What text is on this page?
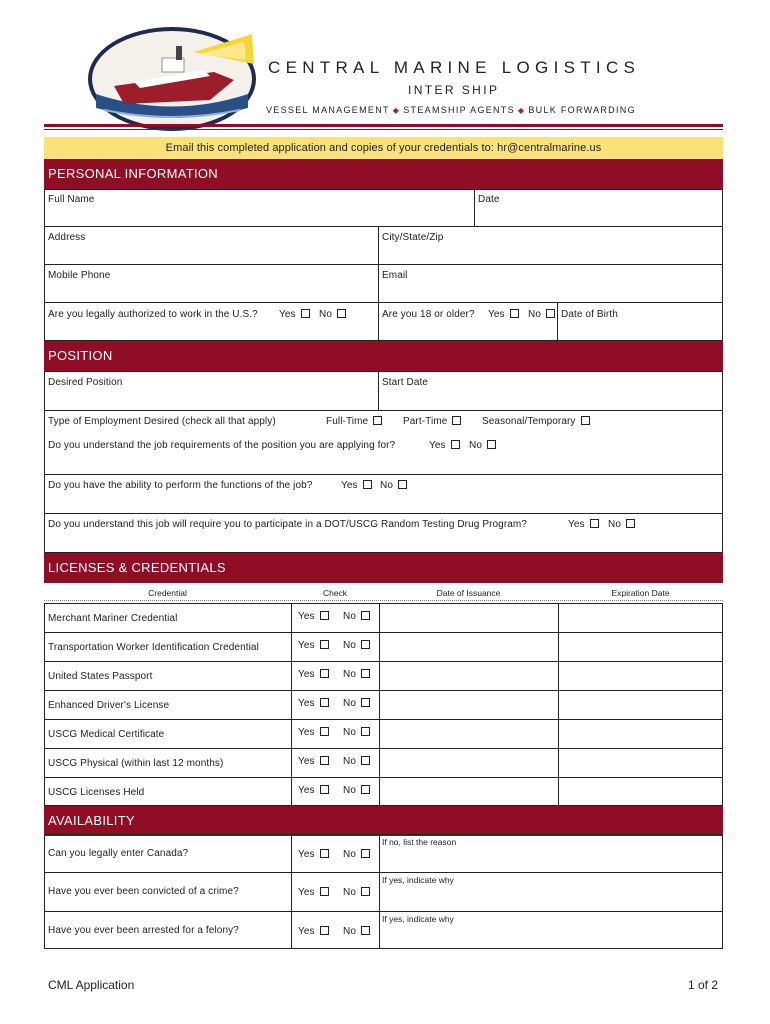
CENTRAL MARINE LOGISTICS
INTER SHIP
VESSEL MANAGEMENT ◆ STEAMSHIP AGENTS ◆ BULK FORWARDING
Email this completed application and copies of your credentials to: hr@centralmarine.us
PERSONAL INFORMATION
Full Name	Date
Address	City/State/Zip
Mobile Phone	Email
Are you legally authorized to work in the U.S.? Yes	No	Are you 18 or older? Yes	No	Date of Birth
POSITION
Desired Position	Start Date
Type of Employment Desired (check all that apply)	Full-Time	Part-Time	Seasonal/Temporary
Do you understand the job requirements of the position you are applying for?	Yes	No
Do you have the ability to perform the functions of the job?	Yes	No
Do you understand this job will require you to participate in a DOT/USCG Random Testing Drug Program?	Yes	No
LICENSES & CREDENTIALS
Credential	Check	Date of Issuance	Expiration Date
Merchant Mariner Credential	Yes	No
Transportation Worker Identification Credential	Yes	No
United States Passport	Yes	No
Enhanced Driver's License	Yes	No
USCG Medical Certificate	Yes	No
USCG Physical (within last 12 months)	Yes	No
USCG Licenses Held	Yes	No
AVAILABILITY
Can you legally enter Canada?	Yes	No
If no, list the reason
Have you ever been convicted of a crime?	Yes	No
If yes, indicate why
Have you ever been arrested for a felony?	Yes	No
If yes, indicate why
CML Application	1 of 2
